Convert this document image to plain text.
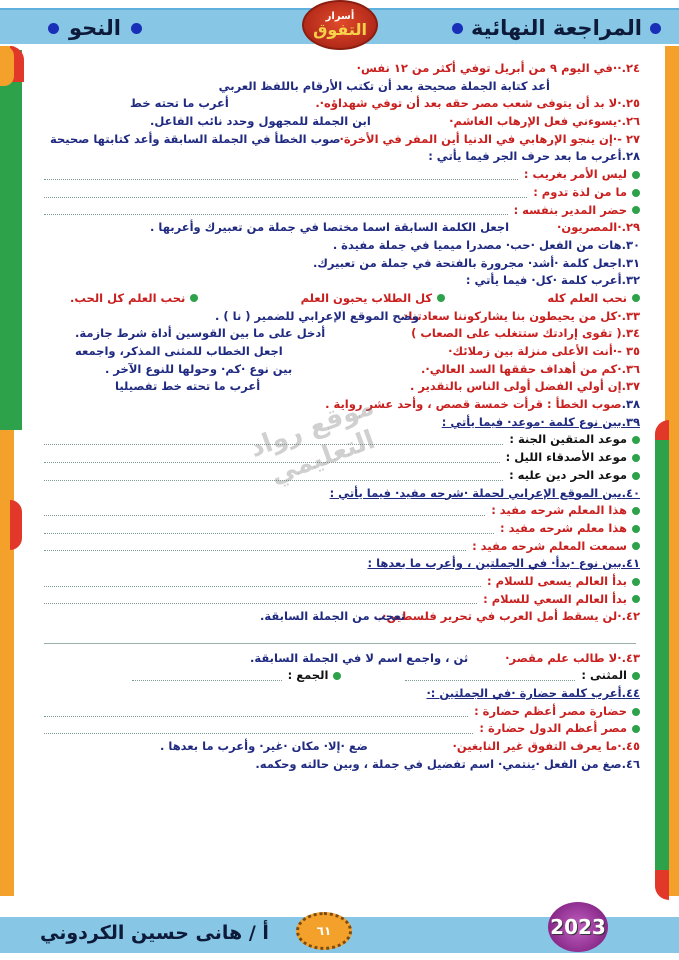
المراجعة النهائية
النحو	أسرار
التفوق
٢٤.
··في اليوم ٩ من أبريل توفي أكثر من ١٢ نفس·
أعد كتابة الجملة صحيحة بعد أن تكتب الأرقام باللفظ العربي
٢٥.
·لا بد أن يتوفى شعب مصر حقه بعد أن توفي شهداؤه·.
أعرب ما تحته خط
٢٦.
·يسوءني فعل الإرهاب الغاشم·
ابن الجملة للمجهول وحدد نائب الفاعل.
٢٧ -
·إن ينجو الإرهابي في الدنيا أين المفر في الأخرة·
صوب الخطأ في الجملة السابقة وأعد كتابتها صحيحة
٢٨.
أعرب ما بعد حرف الجر فيما يأتي :
ليس الأمر بغريب :
ما من لذة تدوم :
حضر المدير بنفسه :
٢٩.
·المصريون·
اجعل الكلمة السابقة اسما مختصا في جملة من تعبيرك وأعربها .
٣٠.
هات من الفعل ·حب· مصدرا ميميا في جملة مفيدة .
٣١.
اجعل كلمة ·أشد· مجرورة بالفتحة في جملة من تعبيرك.
٣٢.
أعرب كلمة ·كل· فيما يأتي :
نحب العلم كله
كل الطلاب يحبون العلم
نحب العلم كل الحب.
٣٣.
·كل من يحيطون بنا يشاركوننا سعادتنا·.
وضح الموقع الإعرابي للضمير ( نا ) .
٣٤.
( تقوى إرادتك ستتغلب على الصعاب )
أدخل على ما بين القوسين أداة شرط جازمة.
٣٥ -
·أنت الأعلى منزلة بين زملائك·
اجعل الخطاب للمثنى المذكر، واجمعه
٣٦.
·كم من أهداف حققها السد العالي·.
بين نوع ·كم· وحولها للنوع الآخر .
٣٧.
إن أولي الفضل أولى الناس بالتقدير .
أعرب ما تحته خط تفصيليا
٣٨.
صوب الخطأ : قرأت خمسة قصص ، وأحد عشر رواية .
٣٩.
بين نوع كلمة ·موعد· فيما يأتي :
موعد المتقين الجنة :
موعد الأصدقاء الليل :
موعد الحر دين عليه :
٤٠.
بين الموقع الإعرابي لجملة ·شرحه مفيد· فيما يأتي :
هذا المعلم شرحه مفيد :
هذا معلم شرحه مفيد :
سمعت المعلم شرحه مفيد :
٤١.
بين نوع ·بدأ· في الجملتين ، وأعرب ما بعدها :
بدأ العالم يسعى للسلام :
بدأ العالم السعي للسلام :
٤٢.
·لن يسقط أمل العرب في تحرير فلسطين·.
تعجب من الجملة السابقة.
٤٣.
·لا طالب علم مقصر·
ثن ، واجمع اسم لا في الجملة السابقة.
المثنى :
الجمع :
٤٤.
أعرب كلمة حضارة ·في الجملتين :·
حضارة مصر أعظم حضارة :
مصر أعظم الدول حضارة :
٤٥.
·ما يعرف التفوق غير النابغين·
ضع ·إلا· مكان ·غير· وأعرب ما بعدها .
٤٦.
صغ من الفعل ·ينتمي· اسم تفضيل في جملة ، وبين حالته وحكمه.
موقع رواد التعليمي
أ / هانى حسين الكردوني	٦١	2023
